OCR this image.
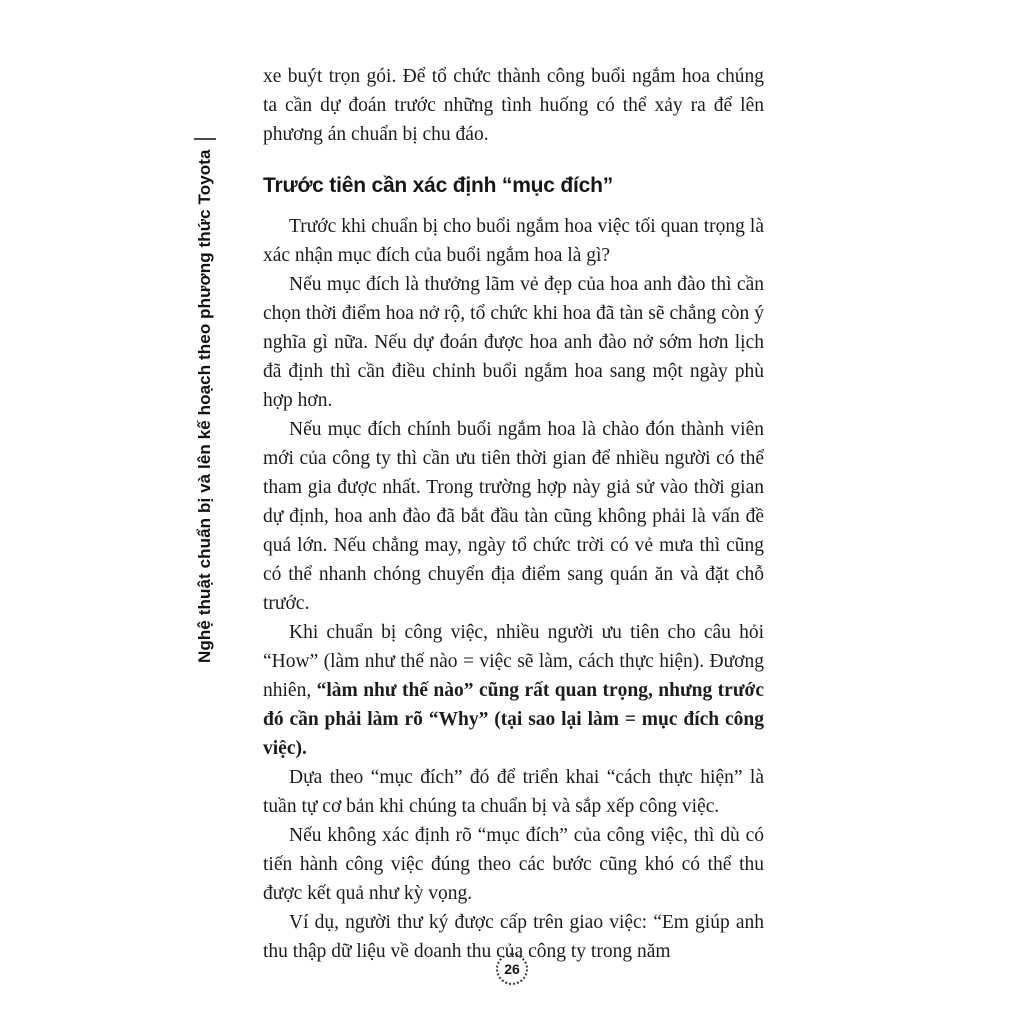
Nghệ thuật chuẩn bị và lên kế hoạch theo phương thức Toyota

xe buýt trọn gói. Để tổ chức thành công buổi ngắm hoa chúng ta cần dự đoán trước những tình huống có thể xảy ra để lên phương án chuẩn bị chu đáo.

Trước tiên cần xác định “mục đích”

Trước khi chuẩn bị cho buổi ngắm hoa việc tối quan trọng là xác nhận mục đích của buổi ngắm hoa là gì?

Nếu mục đích là thưởng lãm vẻ đẹp của hoa anh đào thì cần chọn thời điểm hoa nở rộ, tổ chức khi hoa đã tàn sẽ chẳng còn ý nghĩa gì nữa. Nếu dự đoán được hoa anh đào nở sớm hơn lịch đã định thì cần điều chỉnh buổi ngắm hoa sang một ngày phù hợp hơn.

Nếu mục đích chính buổi ngắm hoa là chào đón thành viên mới của công ty thì cần ưu tiên thời gian để nhiều người có thể tham gia được nhất. Trong trường hợp này giả sử vào thời gian dự định, hoa anh đào đã bắt đầu tàn cũng không phải là vấn đề quá lớn. Nếu chẳng may, ngày tổ chức trời có vẻ mưa thì cũng có thể nhanh chóng chuyển địa điểm sang quán ăn và đặt chỗ trước.

Khi chuẩn bị công việc, nhiều người ưu tiên cho câu hỏi “How” (làm như thế nào = việc sẽ làm, cách thực hiện). Đương nhiên, “làm như thế nào” cũng rất quan trọng, nhưng trước đó cần phải làm rõ “Why” (tại sao lại làm = mục đích công việc).

Dựa theo “mục đích” đó để triển khai “cách thực hiện” là tuần tự cơ bản khi chúng ta chuẩn bị và sắp xếp công việc.

Nếu không xác định rõ “mục đích” của công việc, thì dù có tiến hành công việc đúng theo các bước cũng khó có thể thu được kết quả như kỳ vọng.

Ví dụ, người thư ký được cấp trên giao việc: “Em giúp anh thu thập dữ liệu về doanh thu của công ty trong năm

26
